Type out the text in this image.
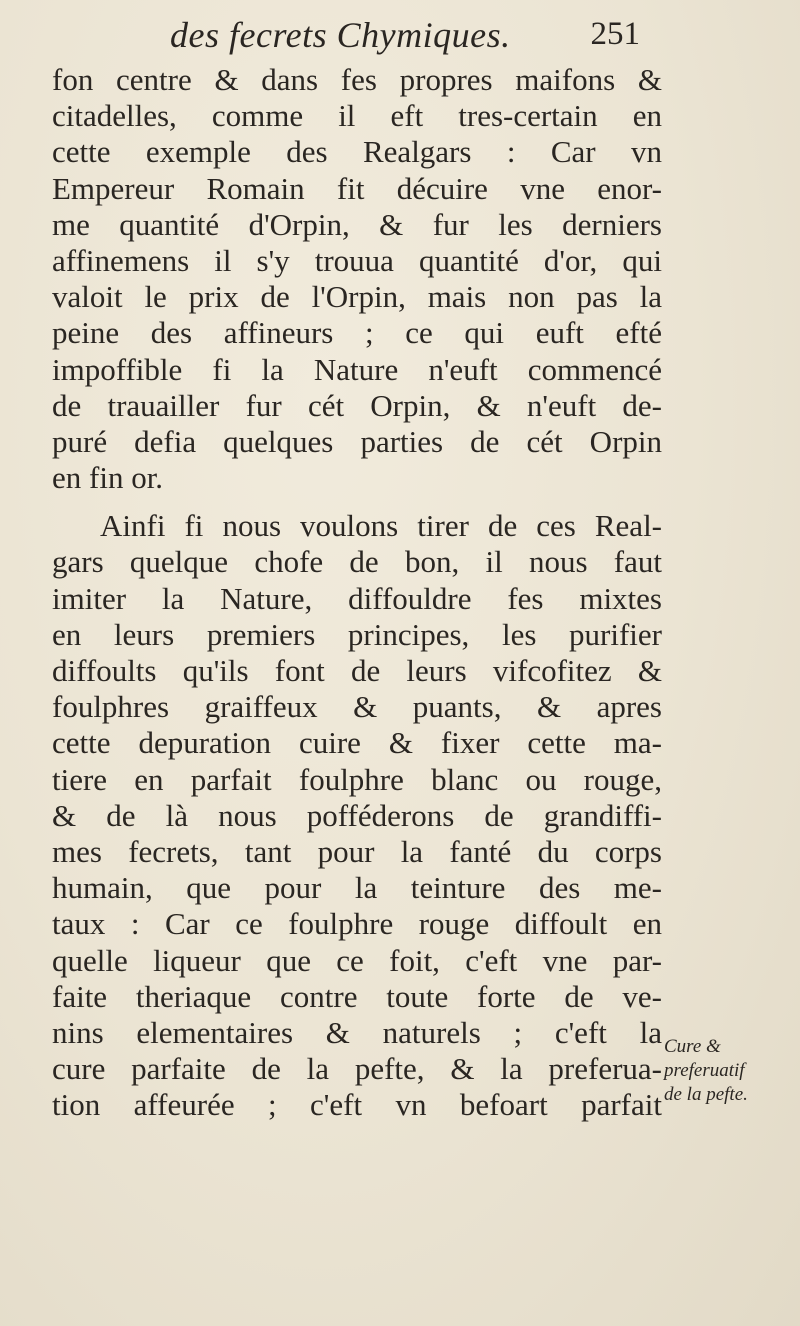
des fecrets Chymiques. 251
fon centre & dans fes propres maifons &
citadelles, comme il eft tres-certain en
cette exemple des Realgars : Car vn
Empereur Romain fit décuire vne enor-
me quantité d'Orpin, & fur les derniers
affinemens il s'y trouua quantité d'or, qui
valoit le prix de l'Orpin, mais non pas la
peine des affineurs ; ce qui euft efté
impoffible fi la Nature n'euft commencé
de trauailler fur cét Orpin, & n'euft de-
puré defia quelques parties de cét Orpin
en fin or.
Ainfi fi nous voulons tirer de ces Real-
gars quelque chofe de bon, il nous faut
imiter la Nature, diffouldre fes mixtes
en leurs premiers principes, les purifier
diffoults qu'ils font de leurs vifcofitez &
foulphres graiffeux & puants, & apres
cette depuration cuire & fixer cette ma-
tiere en parfait foulphre blanc ou rouge,
& de là nous pofféderons de grandiffi-
mes fecrets, tant pour la fanté du corps
humain, que pour la teinture des me-
taux : Car ce foulphre rouge diffoult en
quelle liqueur que ce foit, c'eft vne par-
faite theriaque contre toute forte de ve-
nins elementaires & naturels ; c'eft la
cure parfaite de la pefte, & la preferua-
tion affeurée ; c'eft vn befoart parfait
Cure &
preferuatif
de la pefte.
